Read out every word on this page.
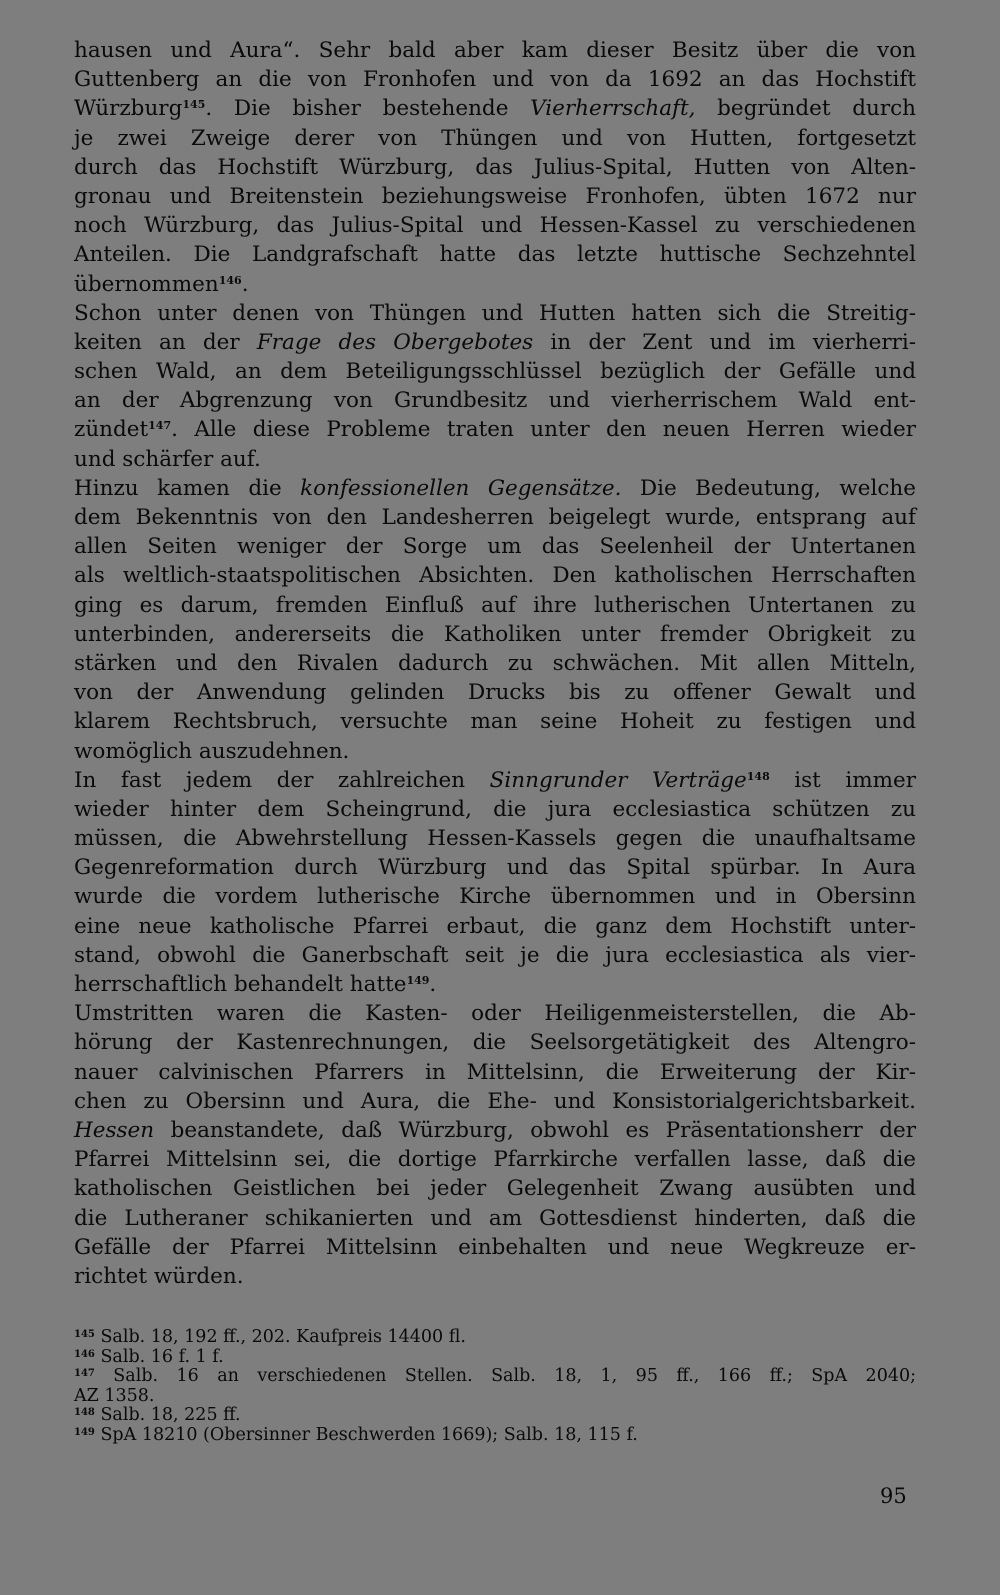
hausen und Aura“. Sehr bald aber kam dieser Besitz über die von
Guttenberg an die von Fronhofen und von da 1692 an das Hochstift
Würzburg$^{145}$. Die bisher bestehende Vierherrschaft, begründet durch
je zwei Zweige derer von Thüngen und von Hutten, fortgesetzt
durch das Hochstift Würzburg, das Julius-Spital, Hutten von Alten-
gronau und Breitenstein beziehungsweise Fronhofen, übten 1672 nur
noch Würzburg, das Julius-Spital und Hessen-Kassel zu verschiedenen
Anteilen. Die Landgrafschaft hatte das letzte huttische Sechzehntel
übernommen$^{146}$.
Schon unter denen von Thüngen und Hutten hatten sich die Streitig-
keiten an der Frage des Obergebotes in der Zent und im vierherri-
schen Wald, an dem Beteiligungsschlüssel bezüglich der Gefälle und
an der Abgrenzung von Grundbesitz und vierherrischem Wald ent-
zündet$^{147}$. Alle diese Probleme traten unter den neuen Herren wieder
und schärfer auf.
Hinzu kamen die konfessionellen Gegensätze. Die Bedeutung, welche
dem Bekenntnis von den Landesherren beigelegt wurde, entsprang auf
allen Seiten weniger der Sorge um das Seelenheil der Untertanen
als weltlich-staatspolitischen Absichten. Den katholischen Herrschaften
ging es darum, fremden Einfluß auf ihre lutherischen Untertanen zu
unterbinden, andererseits die Katholiken unter fremder Obrigkeit zu
stärken und den Rivalen dadurch zu schwächen. Mit allen Mitteln,
von der Anwendung gelinden Drucks bis zu offener Gewalt und
klarem Rechtsbruch, versuchte man seine Hoheit zu festigen und
womöglich auszudehnen.
In fast jedem der zahlreichen Sinngrunder Verträge$^{148}$ ist immer
wieder hinter dem Scheingrund, die jura ecclesiastica schützen zu
müssen, die Abwehrstellung Hessen-Kassels gegen die unaufhaltsame
Gegenreformation durch Würzburg und das Spital spürbar. In Aura
wurde die vordem lutherische Kirche übernommen und in Obersinn
eine neue katholische Pfarrei erbaut, die ganz dem Hochstift unter-
stand, obwohl die Ganerbschaft seit je die jura ecclesiastica als vier-
herrschaftlich behandelt hatte$^{149}$.
Umstritten waren die Kasten- oder Heiligenmeisterstellen, die Ab-
hörung der Kastenrechnungen, die Seelsorgetätigkeit des Altengro-
nauer calvinischen Pfarrers in Mittelsinn, die Erweiterung der Kir-
chen zu Obersinn und Aura, die Ehe- und Konsistorialgerichtsbarkeit.
Hessen beanstandete, daß Würzburg, obwohl es Präsentationsherr der
Pfarrei Mittelsinn sei, die dortige Pfarrkirche verfallen lasse, daß die
katholischen Geistlichen bei jeder Gelegenheit Zwang ausübten und
die Lutheraner schikanierten und am Gottesdienst hinderten, daß die
Gefälle der Pfarrei Mittelsinn einbehalten und neue Wegkreuze er-
richtet würden.
$^{145}$ Salb. 18, 192 ff., 202. Kaufpreis 14400 fl.
$^{146}$ Salb. 16 f. 1 f.
$^{147}$ Salb. 16 an verschiedenen Stellen. Salb. 18, 1, 95 ff., 166 ff.; SpA 2040;
AZ 1358.
$^{148}$ Salb. 18, 225 ff.
$^{149}$ SpA 18210 (Obersinner Beschwerden 1669); Salb. 18, 115 f.
95
